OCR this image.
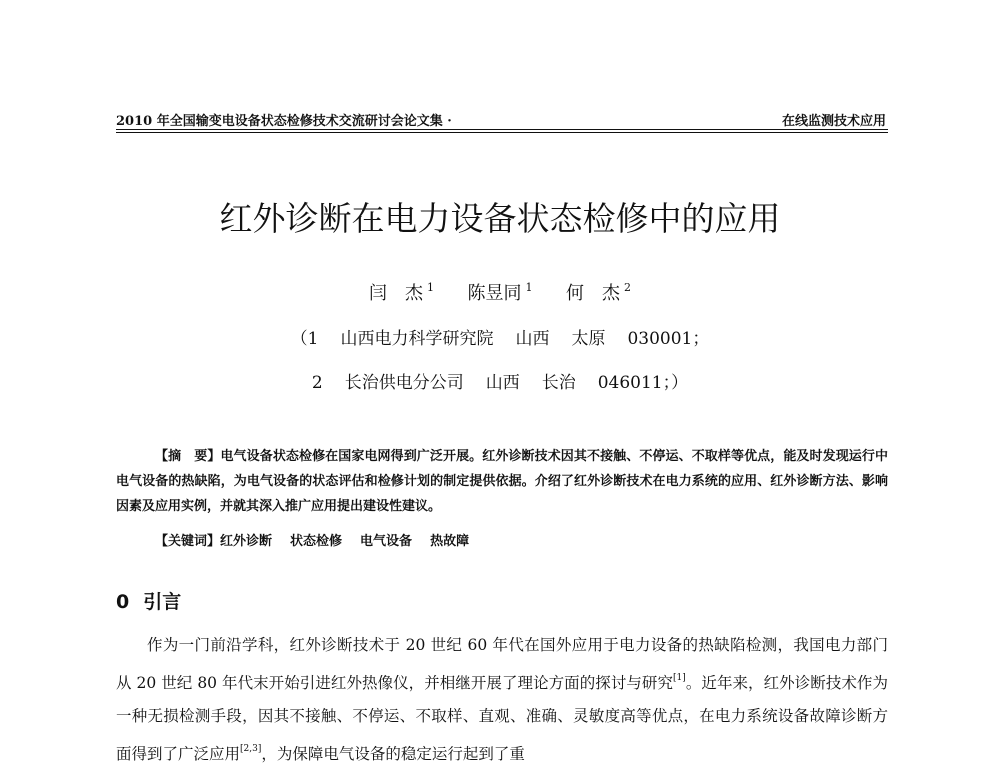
2010 年全国输变电设备状态检修技术交流研讨会论文集 ·	在线监测技术应用
红外诊断在电力设备状态检修中的应用
闫　杰 $^1$ 陈昱同 $^1$ 何　杰 $^2$
（1 山西电力科学研究院 山西 太原 030001；
2 长治供电分公司 山西 长治 046011；）

【摘　要】电气设备状态检修在国家电网得到广泛开展。红外诊断技术因其不接触、不停运、不取样等优点，能及时发现运行中电气设备的热缺陷，为电气设备的状态评估和检修计划的制定提供依据。介绍了红外诊断技术在电力系统的应用、红外诊断方法、影响因素及应用实例，并就其深入推广应用提出建设性建议。

【关键词】红外诊断 状态检修 电气设备 热故障
0 引言

作为一门前沿学科，红外诊断技术于 20 世纪 60 年代在国外应用于电力设备的热缺陷检测，我国电力部门从 20 世纪 80 年代末开始引进红外热像仪，并相继开展了理论方面的探讨与研究[1]。近年来，红外诊断技术作为一种无损检测手段，因其不接触、不停运、不取样、直观、准确、灵敏度高等优点，在电力系统设备故障诊断方面得到了广泛应用[2,3]，为保障电气设备的稳定运行起到了重
